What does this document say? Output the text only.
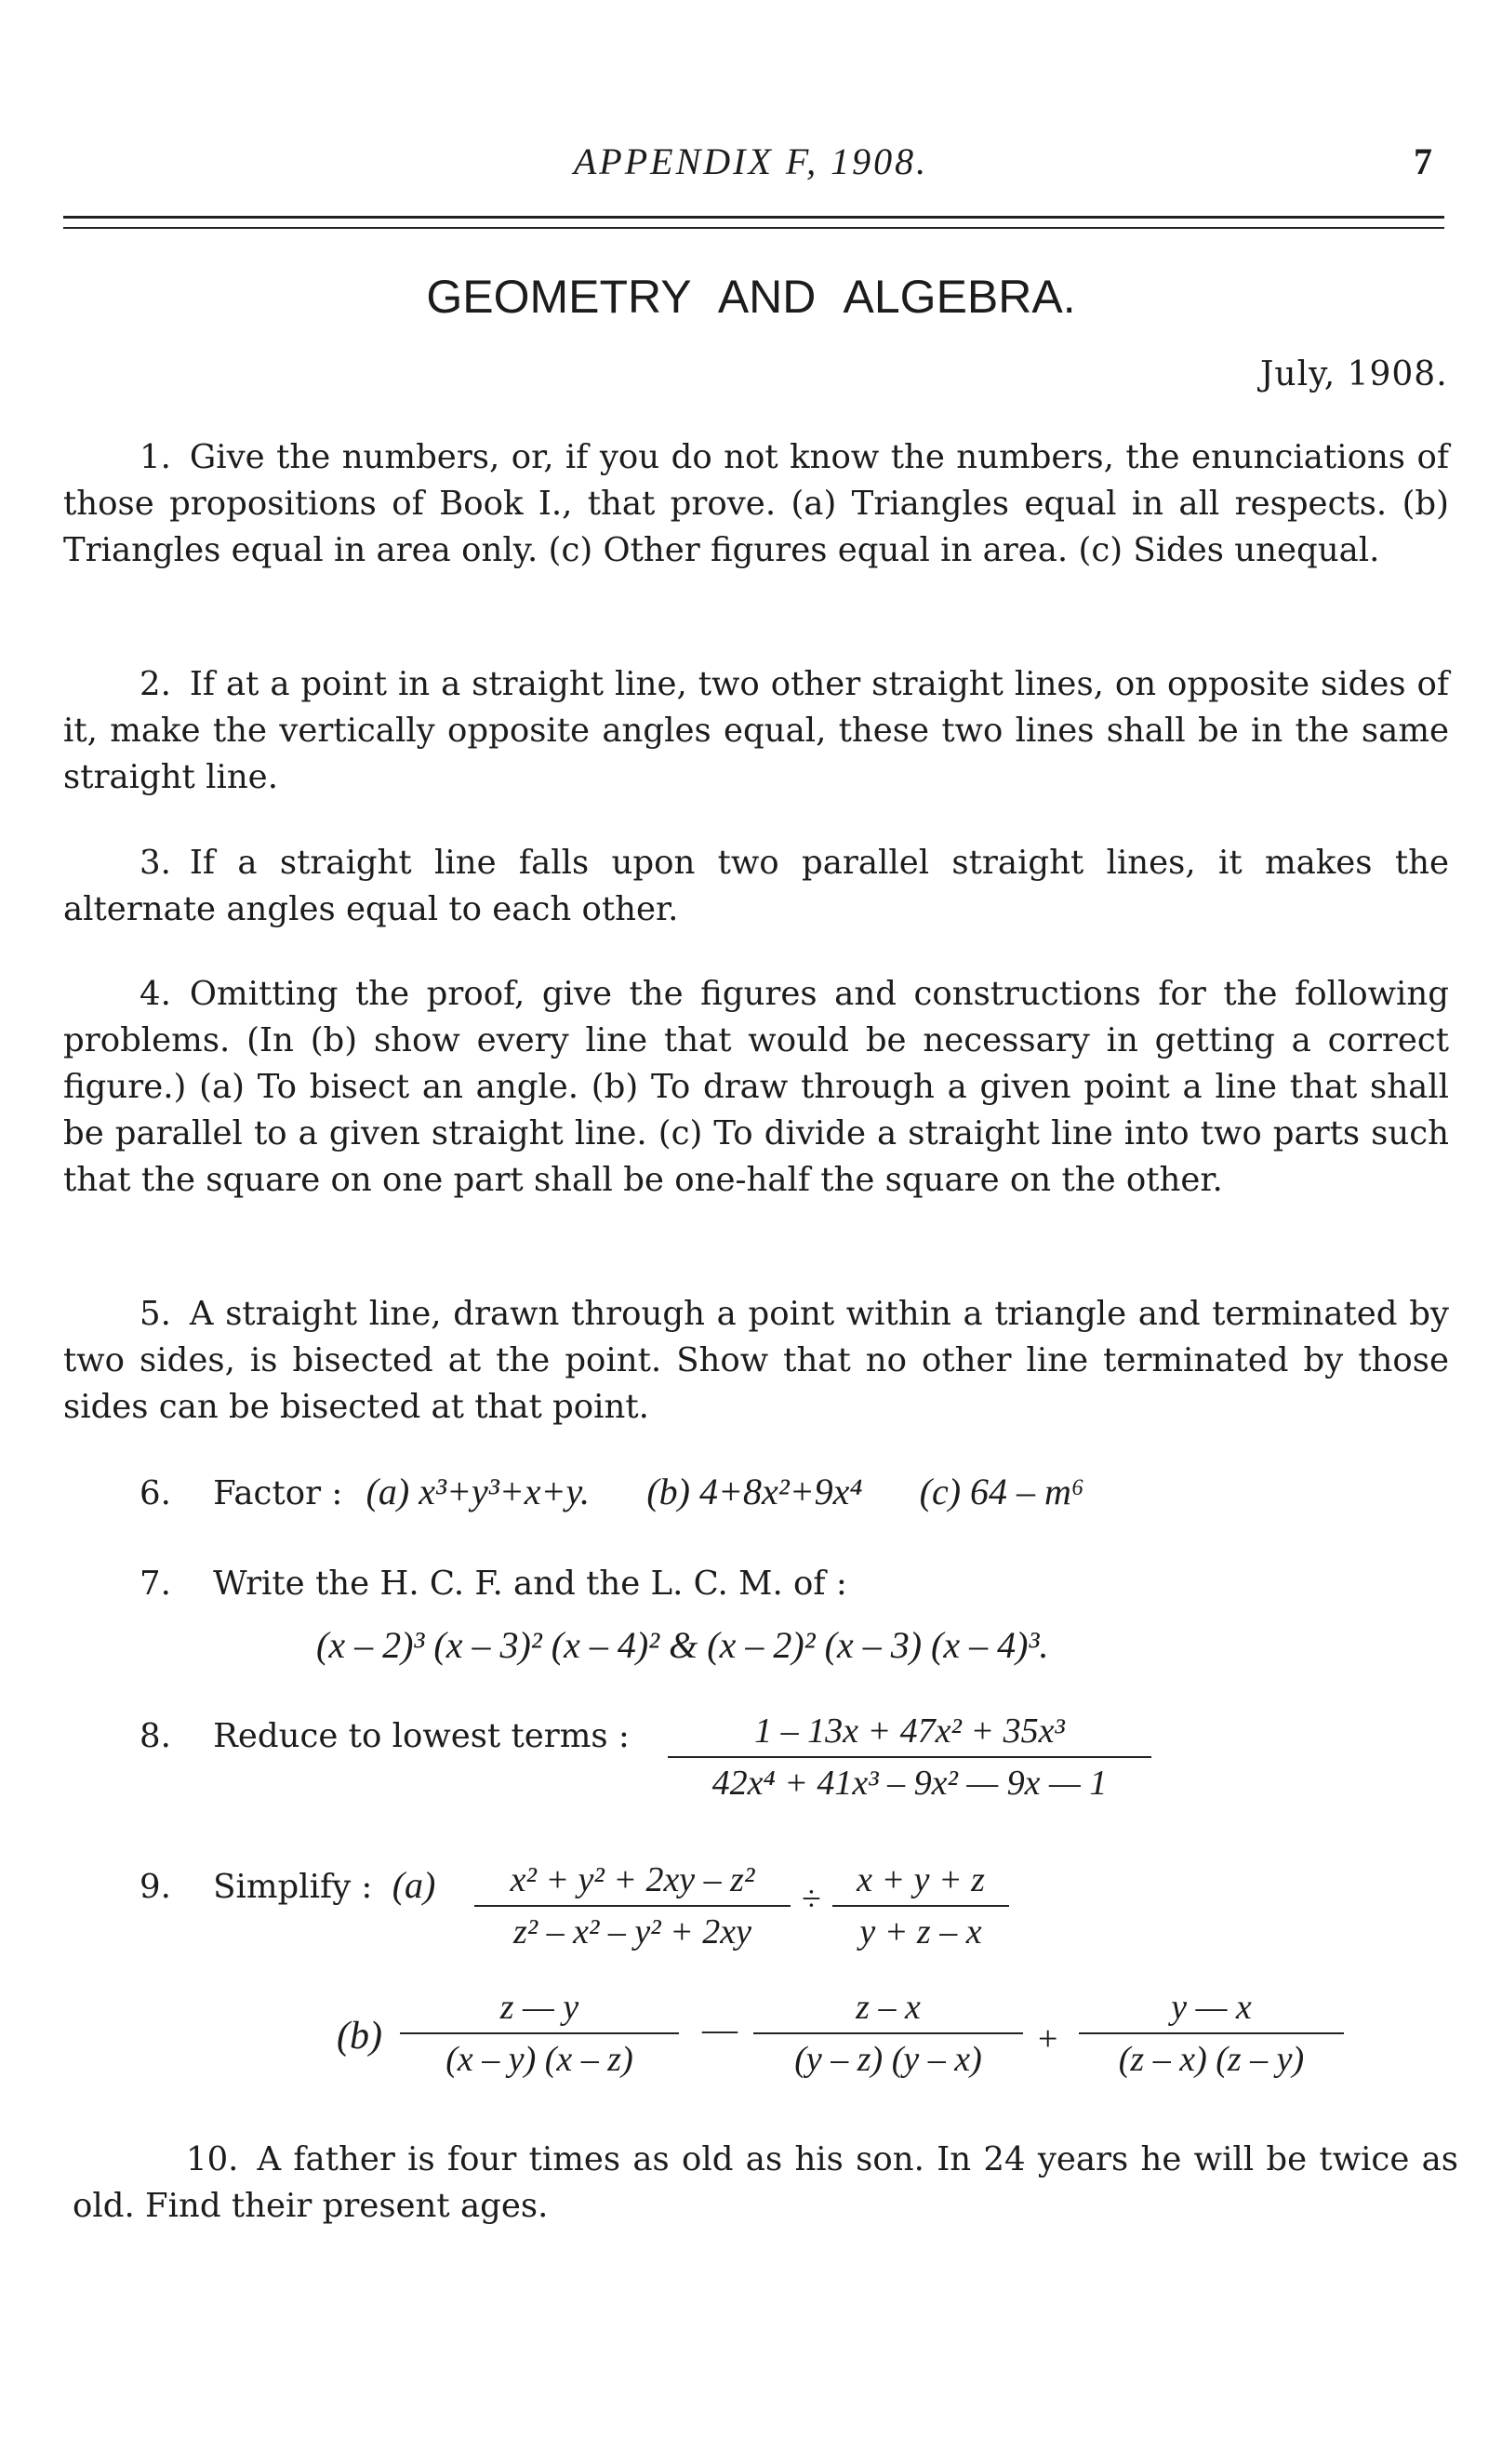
APPENDIX F, 1908.	7
GEOMETRY AND ALGEBRA.
July, 1908.

1. Give the numbers, or, if you do not know the numbers, the enunciations of those propositions of Book I., that prove. (a) Triangles equal in all respects. (b) Triangles equal in area only. (c) Other figures equal in area. (c) Sides unequal.

2. If at a point in a straight line, two other straight lines, on opposite sides of it, make the vertically opposite angles equal, these two lines shall be in the same straight line.

3. If a straight line falls upon two parallel straight lines, it makes the alternate angles equal to each other.

4. Omitting the proof, give the figures and constructions for the following problems. (In (b) show every line that would be necessary in getting a correct figure.) (a) To bisect an angle. (b) To draw through a given point a line that shall be parallel to a given straight line. (c) To divide a straight line into two parts such that the square on one part shall be one-half the square on the other.

5. A straight line, drawn through a point within a triangle and terminated by two sides, is bisected at the point. Show that no other line terminated by those sides can be bisected at that point.

6. Factor : (a) x³+y³+x+y. (b) 4+8x²+9x⁴ (c) 64 – m⁶
7. Write the H. C. F. and the L. C. M. of :
(x – 2)³ (x – 3)² (x – 4)² & (x – 2)² (x – 3) (x – 4)³.
8. Reduce to lowest terms :	1 – 13x + 47x² + 35x³
42x⁴ + 41x³ – 9x² — 9x — 1
9. Simplify : (a)	x² + y² + 2xy – z²
z² – x² – y² + 2xy
÷	x + y + z
y + z – x
(b)
z — y
(x – y) (x – z)
—
z – x
(y – z) (y – x)
+
y — x
(z – x) (z – y)

10. A father is four times as old as his son. In 24 years he will be twice as old. Find their present ages.
